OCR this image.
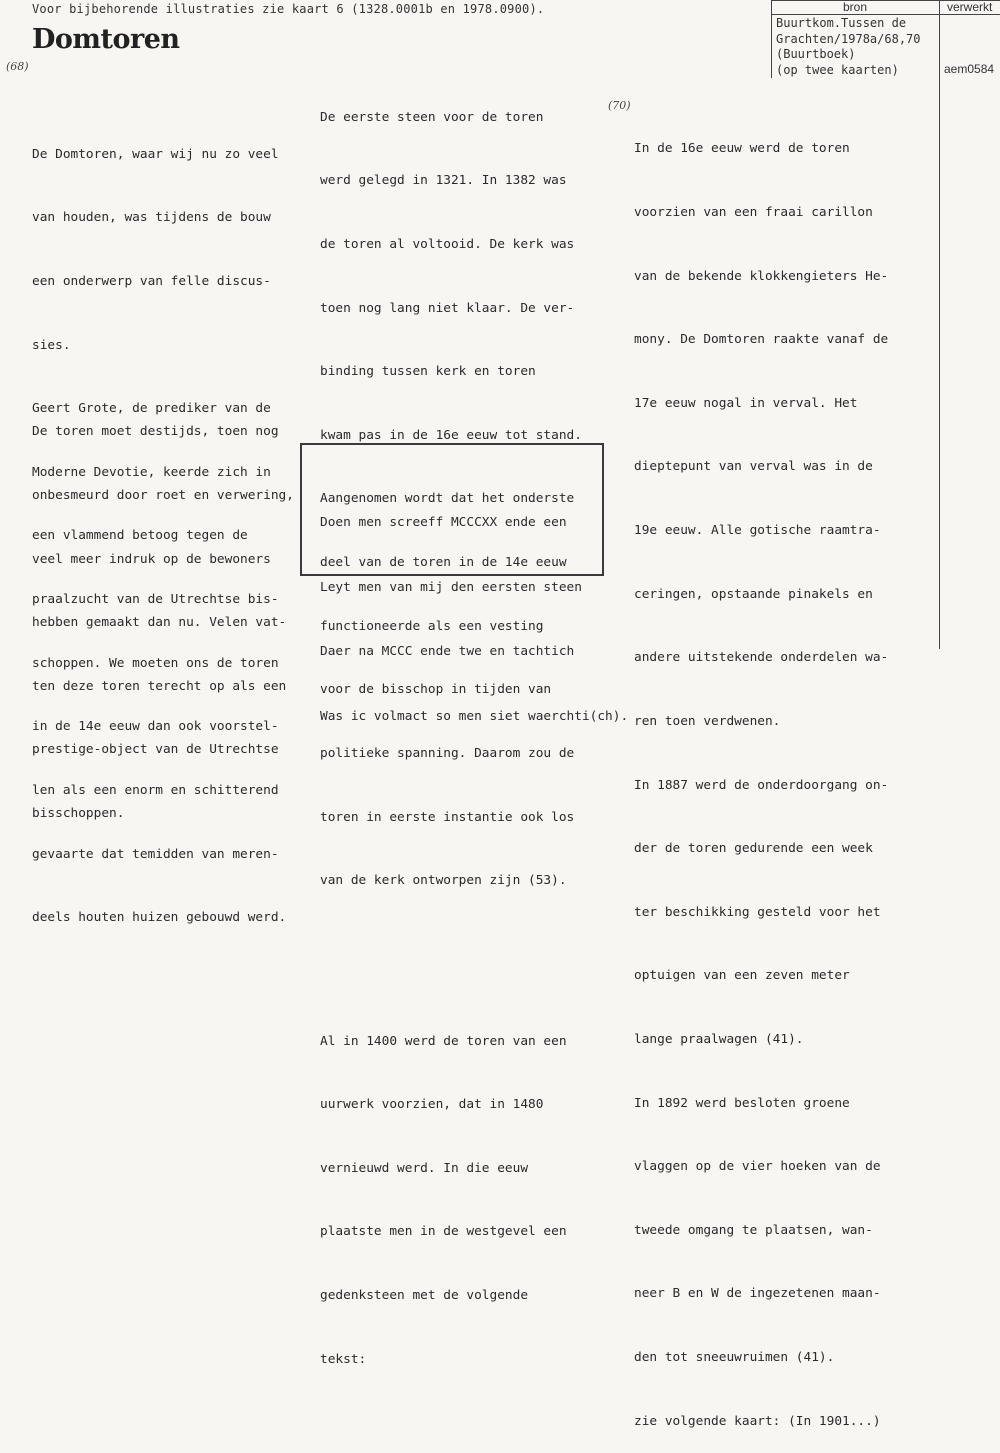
Voor bijbehorende illustraties zie kaart 6 (1328.0001b en 1978.0900).
Domtoren
bron	verwerkt
Buurtkom.Tussen de
Grachten/1978a/68,70
(Buurtboek)
(op twee kaarten)	aem0584
(68)
(70)

De Domtoren, waar wij nu zo veel

van houden, was tijdens de bouw

een onderwerp van felle discus-

sies.

Geert Grote, de prediker van de

Moderne Devotie, keerde zich in

een vlammend betoog tegen de

praalzucht van de Utrechtse bis-

schoppen. We moeten ons de toren

in de 14e eeuw dan ook voorstel-

len als een enorm en schitterend

gevaarte dat temidden van meren-

deels houten huizen gebouwd werd.

De toren moet destijds, toen nog

onbesmeurd door roet en verwering,

veel meer indruk op de bewoners

hebben gemaakt dan nu. Velen vat-

ten deze toren terecht op als een

prestige-object van de Utrechtse

bisschoppen.

De eerste steen voor de toren

werd gelegd in 1321. In 1382 was

de toren al voltooid. De kerk was

toen nog lang niet klaar. De ver-

binding tussen kerk en toren

kwam pas in de 16e eeuw tot stand.

Aangenomen wordt dat het onderste

deel van de toren in de 14e eeuw

functioneerde als een vesting

voor de bisschop in tijden van

politieke spanning. Daarom zou de

toren in eerste instantie ook los

van de kerk ontworpen zijn (53).

Al in 1400 werd de toren van een

uurwerk voorzien, dat in 1480

vernieuwd werd. In die eeuw

plaatste men in de westgevel een

gedenksteen met de volgende

tekst:

Doen men screeff MCCCXX ende een

Leyt men van mij den eersten steen

Daer na MCCC ende twe en tachtich

Was ic volmact so men siet waerchti(ch).

In de 16e eeuw werd de toren

voorzien van een fraai carillon

van de bekende klokkengieters He-

mony. De Domtoren raakte vanaf de

17e eeuw nogal in verval. Het

dieptepunt van verval was in de

19e eeuw. Alle gotische raamtra-

ceringen, opstaande pinakels en

andere uitstekende onderdelen wa-

ren toen verdwenen.

In 1887 werd de onderdoorgang on-

der de toren gedurende een week

ter beschikking gesteld voor het

optuigen van een zeven meter

lange praalwagen (41).

In 1892 werd besloten groene

vlaggen op de vier hoeken van de

tweede omgang te plaatsen, wan-

neer B en W de ingezetenen maan-

den tot sneeuwruimen (41).

zie volgende kaart: (In 1901...)
